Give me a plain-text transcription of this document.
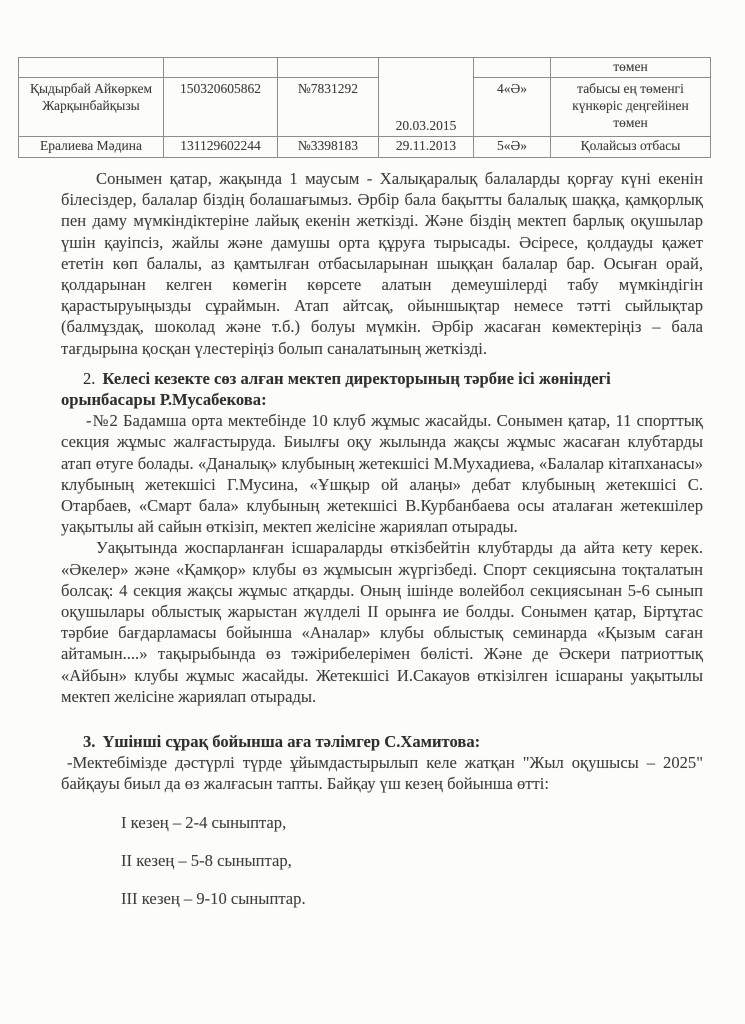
			20.03.2015		төмен
Қыдырбай Айкөркем Жарқынбайқызы	150320605862	№7831292		4«Ә»	табысы ең төменгі күнкөріс деңгейінен төмен
Ералиева Мәдина	131129602244	№3398183	29.11.2013	5«Ә»	Қолайсыз отбасы

Сонымен қатар, жақында 1 маусым - Халықаралық балаларды қорғау күні екенін білесіздер, балалар біздің болашағымыз. Әрбір бала бақытты балалық шаққа, қамқорлық пен даму мүмкіндіктеріне лайық екенін жеткізді. Және біздің мектеп барлық оқушылар үшін қауіпсіз, жайлы және дамушы орта құруға тырысады. Әсіресе, қолдауды қажет ететін көп балалы, аз қамтылған отбасыларынан шыққан балалар бар. Осыған орай, қолдарынан келген көмегін көрсете алатын демеушілерді табу мүмкіндігін қарастыруыңызды сұраймын. Атап айтсақ, ойыншықтар немесе тәтті сыйлықтар (балмұздақ, шоколад және т.б.) болуы мүмкін. Әрбір жасаған көмектеріңіз – бала тағдырына қосқан үлестеріңіз болып саналатының жеткізді.

2. Келесі кезекте сөз алған мектеп директорының тәрбие ісі жөніндегі орынбасары Р.Мусабекова:

-№2 Бадамша орта мектебінде 10 клуб жұмыс жасайды. Сонымен қатар, 11 спорттық секция жұмыс жалғастыруда. Биылғы оқу жылында жақсы жұмыс жасаған клубтарды атап өтуге болады. «Даналық» клубының жетекшісі М.Мухадиева, «Балалар кітапханасы» клубының жетекшісі Г.Мусина, «Ұшқыр ой алаңы» дебат клубының жетекшісі С. Отарбаев, «Смарт бала» клубының жетекшісі В.Курбанбаева осы аталаған жетекшілер уақытылы ай сайын өткізіп, мектеп желісіне жариялап отырады.

Уақытында жоспарланған ісшараларды өткізбейтін клубтарды да айта кету керек. «Әкелер» және «Қамқор» клубы өз жұмысын жүргізбеді. Спорт секциясына тоқталатын болсақ: 4 секция жақсы жұмыс атқарды. Оның ішінде волейбол секциясынан 5-6 сынып оқушылары облыстық жарыстан жүлделі ІІ орынға ие болды. Сонымен қатар, Біртұтас тәрбие бағдарламасы бойынша «Аналар» клубы облыстық семинарда «Қызым саған айтамын....» тақырыбында өз тәжірибелерімен бөлісті. Және де Әскери патриоттық «Айбын» клубы жұмыс жасайды. Жетекшісі И.Сакауов өткізілген ісшараны уақытылы мектеп желісіне жариялап отырады.

3. Үшінші сұрақ бойынша аға тәлімгер С.Хамитова:

-Мектебімізде дәстүрлі түрде ұйымдастырылып келе жатқан "Жыл оқушысы – 2025" байқауы биыл да өз жалғасын тапты. Байқау үш кезең бойынша өтті:

І кезең – 2-4 сыныптар,

ІІ кезең – 5-8 сыныптар,

ІІІ кезең – 9-10 сыныптар.
